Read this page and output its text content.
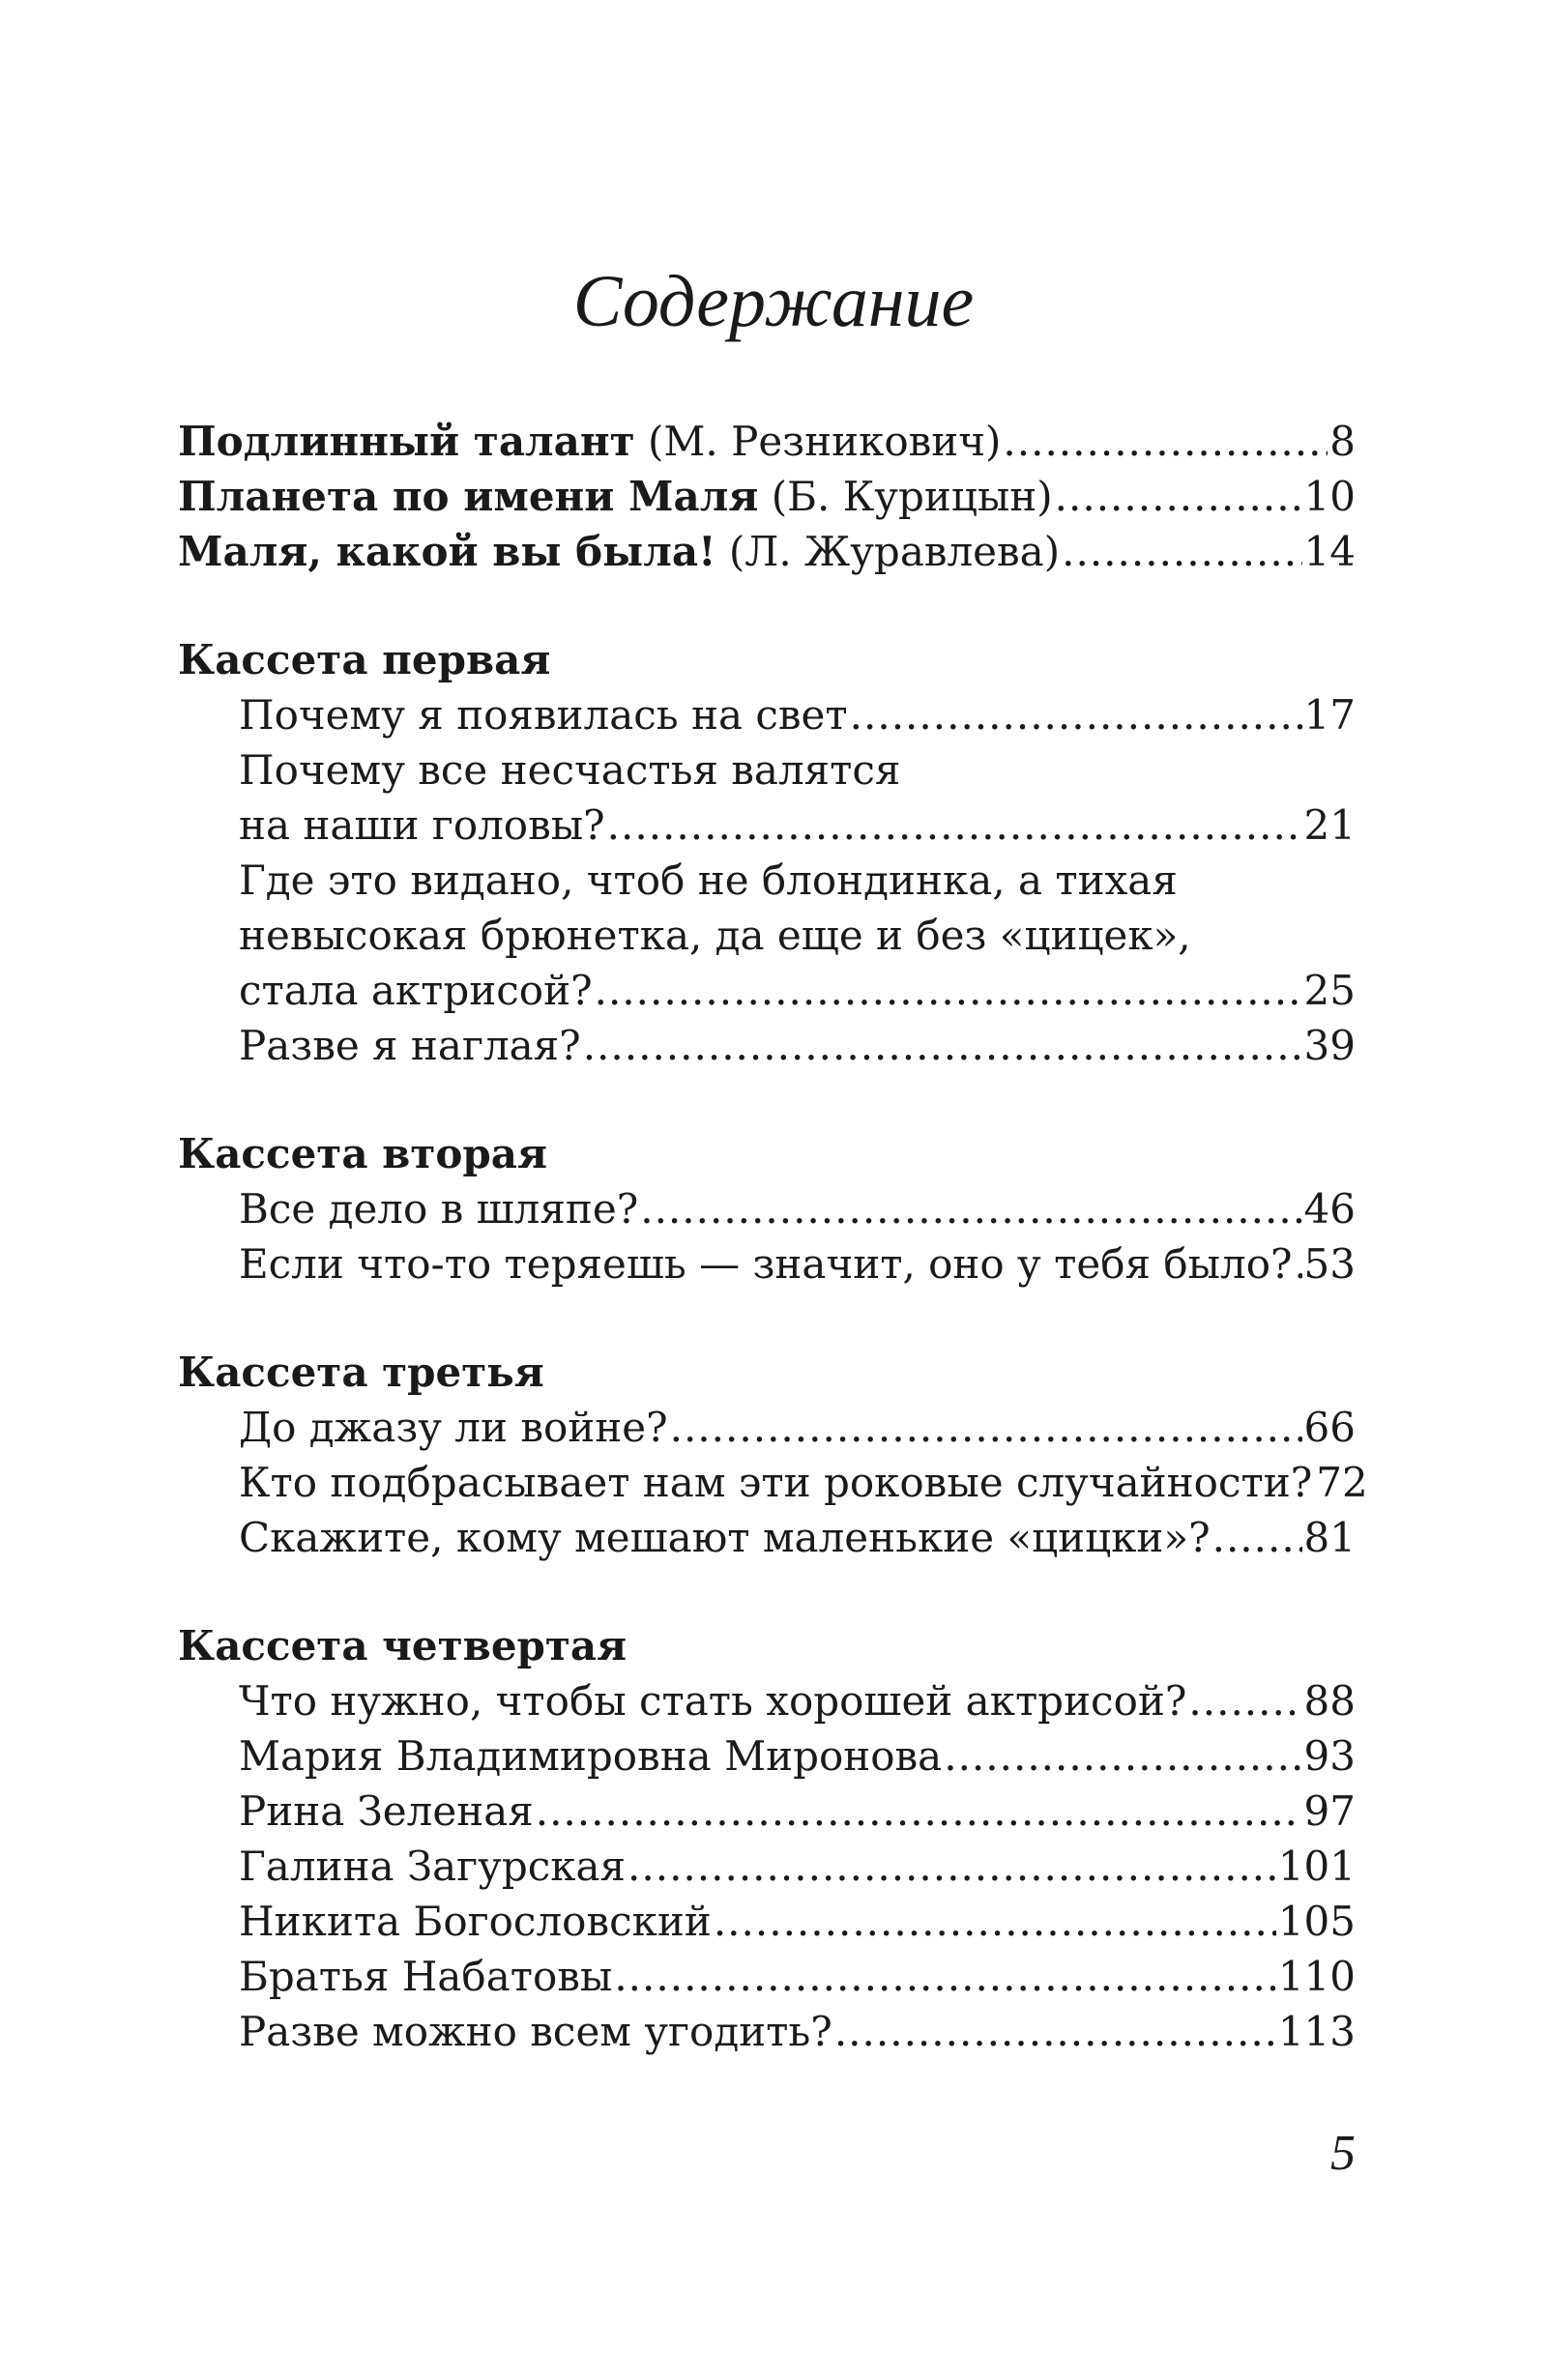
Содержание
Подлинный талант (М. Резникович) .....	8
Планета по имени Маля (Б. Курицын) .....	10
Маля, какой вы была! (Л. Журавлева) .....	14
Кассета первая
Почему я появилась на свет .....	17
Почему все несчастья валятся
на наши головы? .....	21
Где это видано, чтоб не блондинка, а тихая
невысокая брюнетка, да еще и без «цицек»,
стала актрисой? .....	25
Разве я наглая? .....	39
Кассета вторая
Все дело в шляпе? .....	46
Если что-то теряешь — значит, оно у тебя было? ..... 53
Кассета третья
До джазу ли войне? .....	66
Кто подбрасывает нам эти роковые случайности? 72
Скажите, кому мешают маленькие «цицки»? ..... 81
Кассета четвертая
Что нужно, чтобы стать хорошей актрисой? .....	88
Мария Владимировна Миронова .....	93
Рина Зеленая .....	97
Галина Загурская .....	101
Никита Богословский .....	105
Братья Набатовы .....	110
Разве можно всем угодить? .....	113
5
